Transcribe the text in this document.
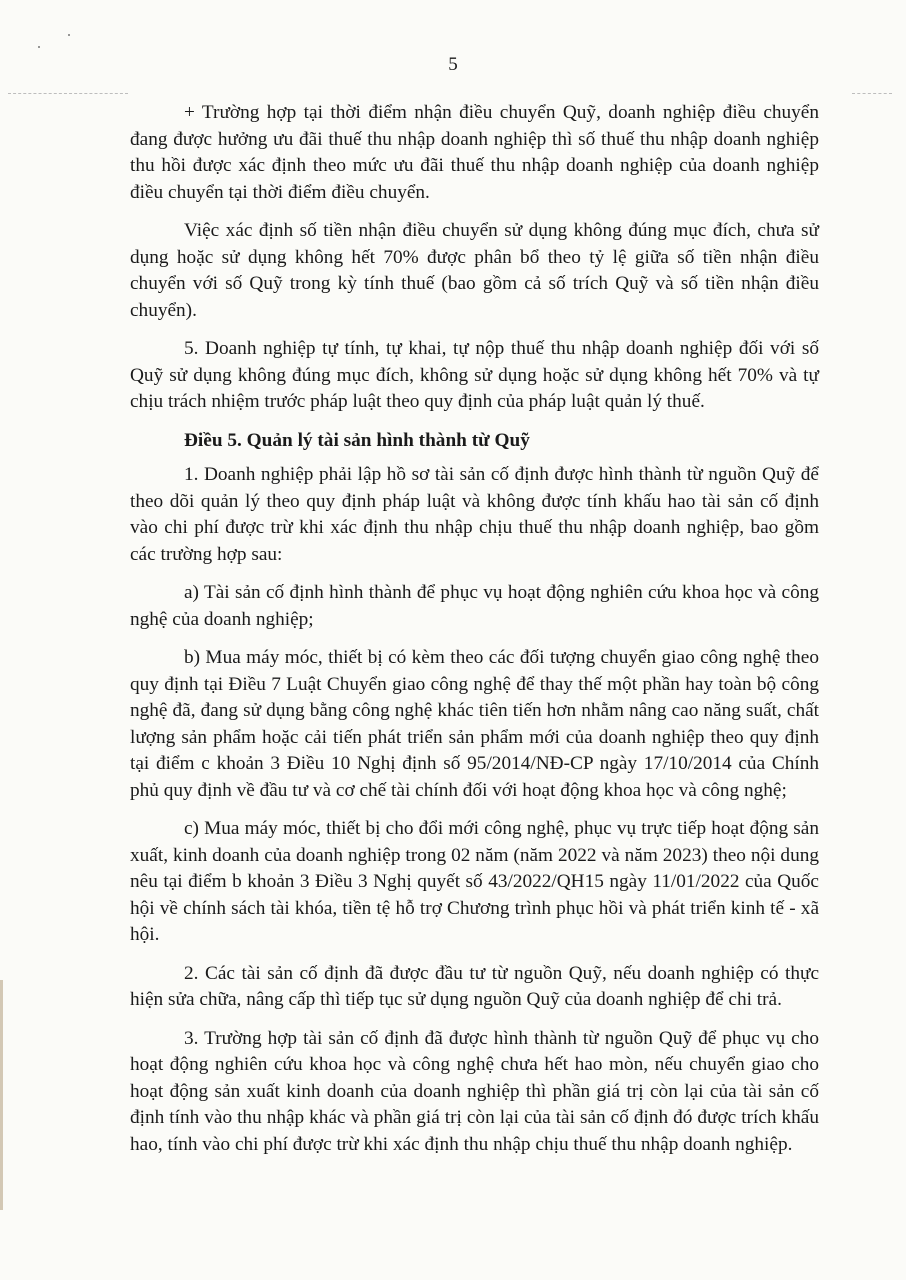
5

+ Trường hợp tại thời điểm nhận điều chuyển Quỹ, doanh nghiệp điều chuyển đang được hưởng ưu đãi thuế thu nhập doanh nghiệp thì số thuế thu nhập doanh nghiệp thu hồi được xác định theo mức ưu đãi thuế thu nhập doanh nghiệp của doanh nghiệp điều chuyển tại thời điểm điều chuyển.

Việc xác định số tiền nhận điều chuyển sử dụng không đúng mục đích, chưa sử dụng hoặc sử dụng không hết 70% được phân bổ theo tỷ lệ giữa số tiền nhận điều chuyển với số Quỹ trong kỳ tính thuế (bao gồm cả số trích Quỹ và số tiền nhận điều chuyển).

5. Doanh nghiệp tự tính, tự khai, tự nộp thuế thu nhập doanh nghiệp đối với số Quỹ sử dụng không đúng mục đích, không sử dụng hoặc sử dụng không hết 70% và tự chịu trách nhiệm trước pháp luật theo quy định của pháp luật quản lý thuế.

Điều 5. Quản lý tài sản hình thành từ Quỹ

1. Doanh nghiệp phải lập hồ sơ tài sản cố định được hình thành từ nguồn Quỹ để theo dõi quản lý theo quy định pháp luật và không được tính khấu hao tài sản cố định vào chi phí được trừ khi xác định thu nhập chịu thuế thu nhập doanh nghiệp, bao gồm các trường hợp sau:

a) Tài sản cố định hình thành để phục vụ hoạt động nghiên cứu khoa học và công nghệ của doanh nghiệp;

b) Mua máy móc, thiết bị có kèm theo các đối tượng chuyển giao công nghệ theo quy định tại Điều 7 Luật Chuyển giao công nghệ để thay thế một phần hay toàn bộ công nghệ đã, đang sử dụng bằng công nghệ khác tiên tiến hơn nhằm nâng cao năng suất, chất lượng sản phẩm hoặc cải tiến phát triển sản phẩm mới của doanh nghiệp theo quy định tại điểm c khoản 3 Điều 10 Nghị định số 95/2014/NĐ-CP ngày 17/10/2014 của Chính phủ quy định về đầu tư và cơ chế tài chính đối với hoạt động khoa học và công nghệ;

c) Mua máy móc, thiết bị cho đổi mới công nghệ, phục vụ trực tiếp hoạt động sản xuất, kinh doanh của doanh nghiệp trong 02 năm (năm 2022 và năm 2023) theo nội dung nêu tại điểm b khoản 3 Điều 3 Nghị quyết số 43/2022/QH15 ngày 11/01/2022 của Quốc hội về chính sách tài khóa, tiền tệ hỗ trợ Chương trình phục hồi và phát triển kinh tế - xã hội.

2. Các tài sản cố định đã được đầu tư từ nguồn Quỹ, nếu doanh nghiệp có thực hiện sửa chữa, nâng cấp thì tiếp tục sử dụng nguồn Quỹ của doanh nghiệp để chi trả.

3. Trường hợp tài sản cố định đã được hình thành từ nguồn Quỹ để phục vụ cho hoạt động nghiên cứu khoa học và công nghệ chưa hết hao mòn, nếu chuyển giao cho hoạt động sản xuất kinh doanh của doanh nghiệp thì phần giá trị còn lại của tài sản cố định tính vào thu nhập khác và phần giá trị còn lại của tài sản cố định đó được trích khấu hao, tính vào chi phí được trừ khi xác định thu nhập chịu thuế thu nhập doanh nghiệp.
